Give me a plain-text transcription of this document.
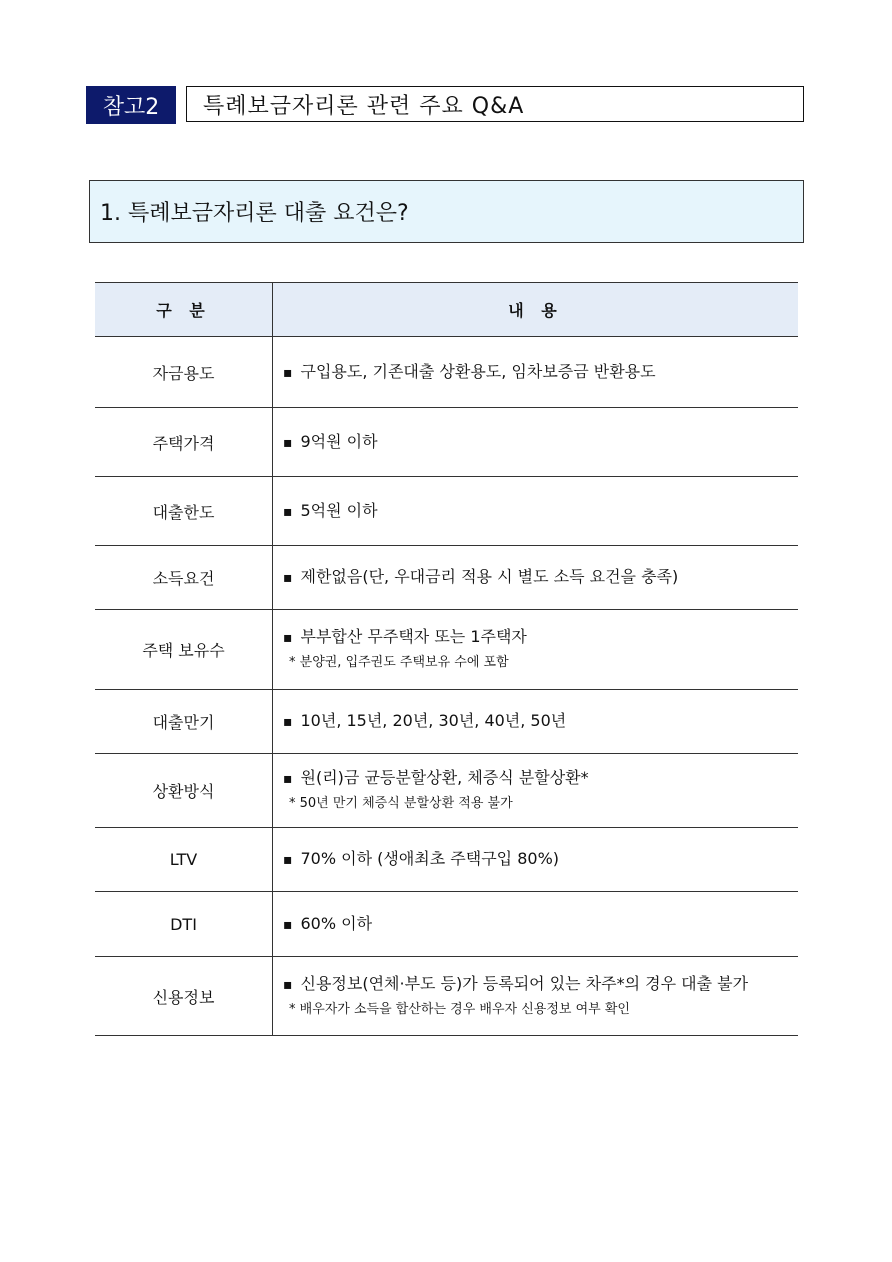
참고2	특례보금자리론 관련 주요 Q&A
1. 특례보금자리론 대출 요건은?
구 분	내 용
자금용도	▪ 구입용도, 기존대출 상환용도, 임차보증금 반환용도

주택가격	▪ 9억원 이하

대출한도	▪ 5억원 이하

소득요건	▪ 제한없음(단, 우대금리 적용 시 별도 소득 요건을 충족)

주택 보유수	▪ 부부합산 무주택자 또는 1주택자
* 분양권, 입주권도 주택보유 수에 포함

대출만기	▪ 10년, 15년, 20년, 30년, 40년, 50년

상환방식	▪ 원(리)금 균등분할상환, 체증식 분할상환*
* 50년 만기 체증식 분할상환 적용 불가

LTV	▪ 70% 이하 (생애최초 주택구입 80%)

DTI	▪ 60% 이하

신용정보	▪ 신용정보(연체·부도 등)가 등록되어 있는 차주*의 경우 대출 불가
* 배우자가 소득을 합산하는 경우 배우자 신용정보 여부 확인
